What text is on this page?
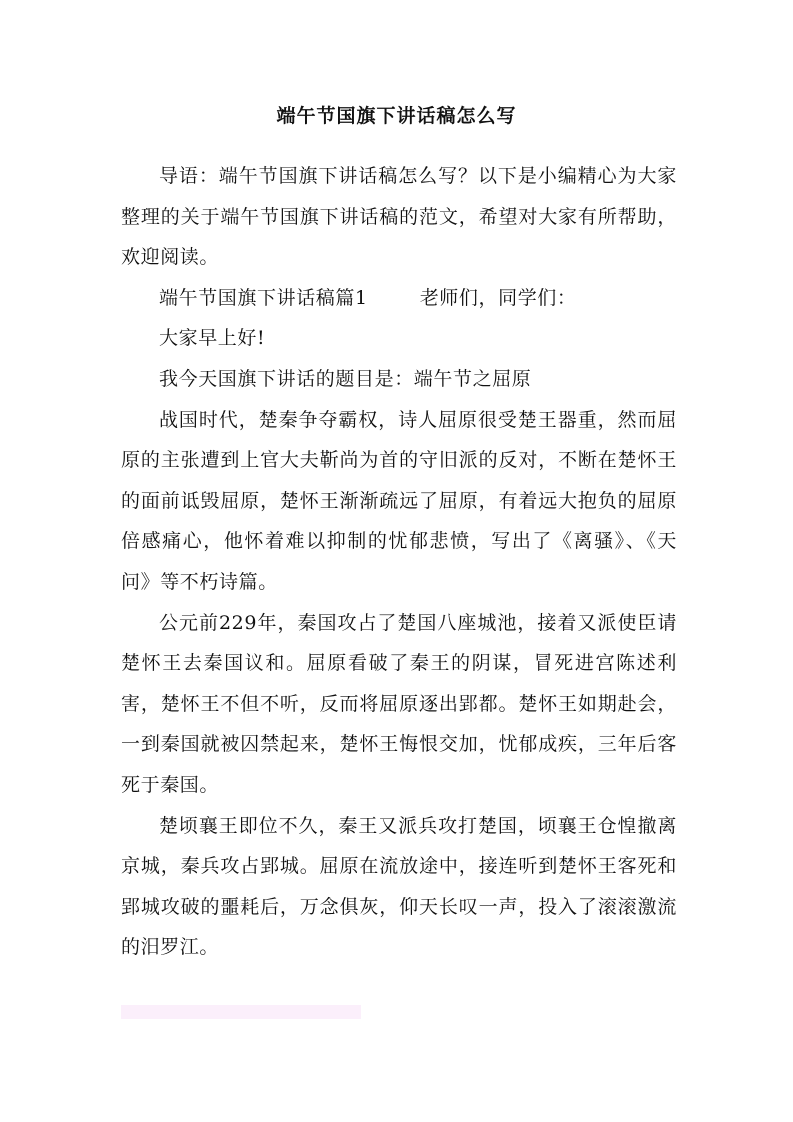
端午节国旗下讲话稿怎么写

导语：端午节国旗下讲话稿怎么写？以下是小编精心为大家整理的关于端午节国旗下讲话稿的范文，希望对大家有所帮助，欢迎阅读。

端午节国旗下讲话稿篇1	老师们，同学们：

大家早上好!

我今天国旗下讲话的题目是：端午节之屈原

战国时代，楚秦争夺霸权，诗人屈原很受楚王器重，然而屈原的主张遭到上官大夫靳尚为首的守旧派的反对，不断在楚怀王的面前诋毁屈原，楚怀王渐渐疏远了屈原，有着远大抱负的屈原倍感痛心，他怀着难以抑制的忧郁悲愤，写出了《离骚》、《天问》等不朽诗篇。

公元前229年，秦国攻占了楚国八座城池，接着又派使臣请楚怀王去秦国议和。屈原看破了秦王的阴谋，冒死进宫陈述利害，楚怀王不但不听，反而将屈原逐出郢都。楚怀王如期赴会，一到秦国就被囚禁起来，楚怀王悔恨交加，忧郁成疾，三年后客死于秦国。

楚顷襄王即位不久，秦王又派兵攻打楚国，顷襄王仓惶撤离京城，秦兵攻占郢城。屈原在流放途中，接连听到楚怀王客死和郢城攻破的噩耗后，万念俱灰，仰天长叹一声，投入了滚滚激流的汨罗江。
